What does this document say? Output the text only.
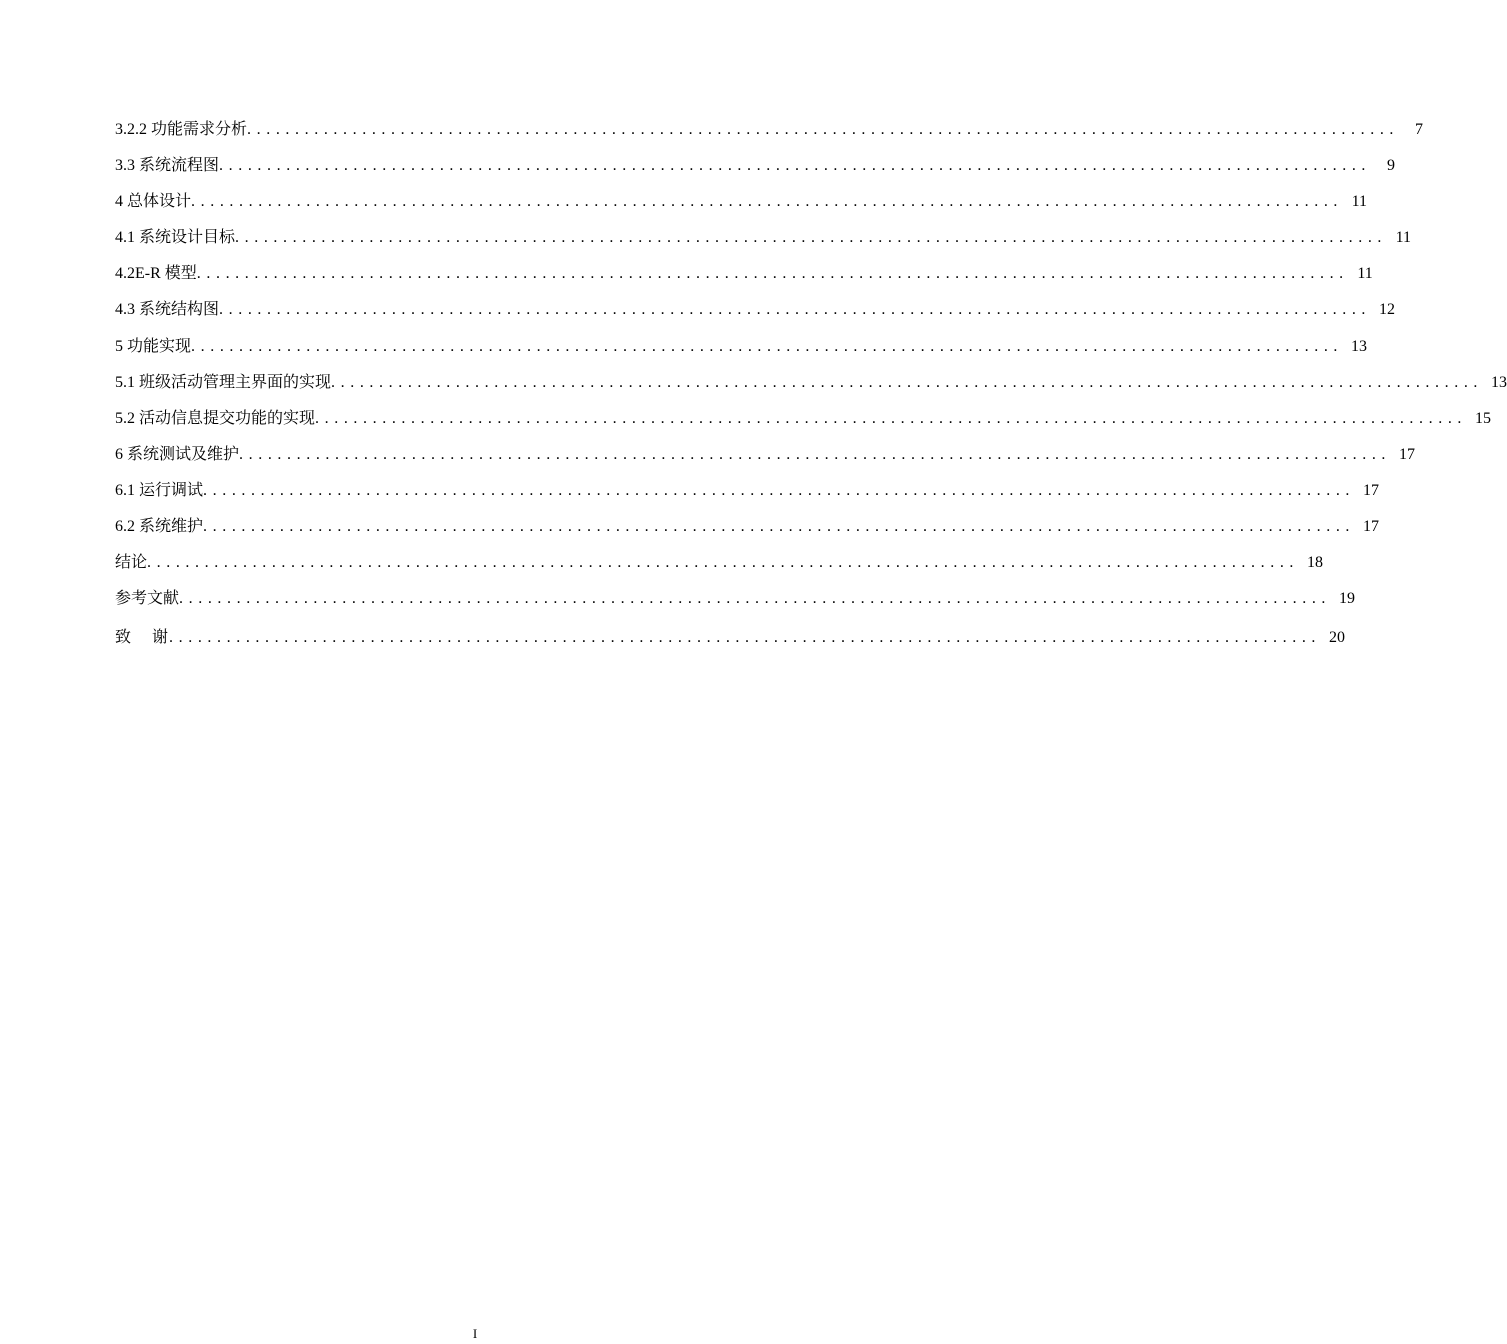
3.2.2 功能需求分析 ........................................................................................................................	7
3.3 系统流程图 ........................................................................................................................	9
4 总体设计 ........................................................................................................................ 11
4.1 系统设计目标 ........................................................................................................................ 11
4.2E-R 模型 ........................................................................................................................ 11
4.3 系统结构图 ........................................................................................................................ 12
5 功能实现 ........................................................................................................................ 13
5.1 班级活动管理主界面的实现 ........................................................................................................................ 13
5.2 活动信息提交功能的实现 ........................................................................................................................ 15
6 系统测试及维护 ........................................................................................................................ 17
6.1 运行调试 ........................................................................................................................ 17
6.2 系统维护 ........................................................................................................................ 17
结论 ........................................................................................................................ 18
参考文献 ........................................................................................................................ 19
致    谢 ........................................................................................................................ 20
I
